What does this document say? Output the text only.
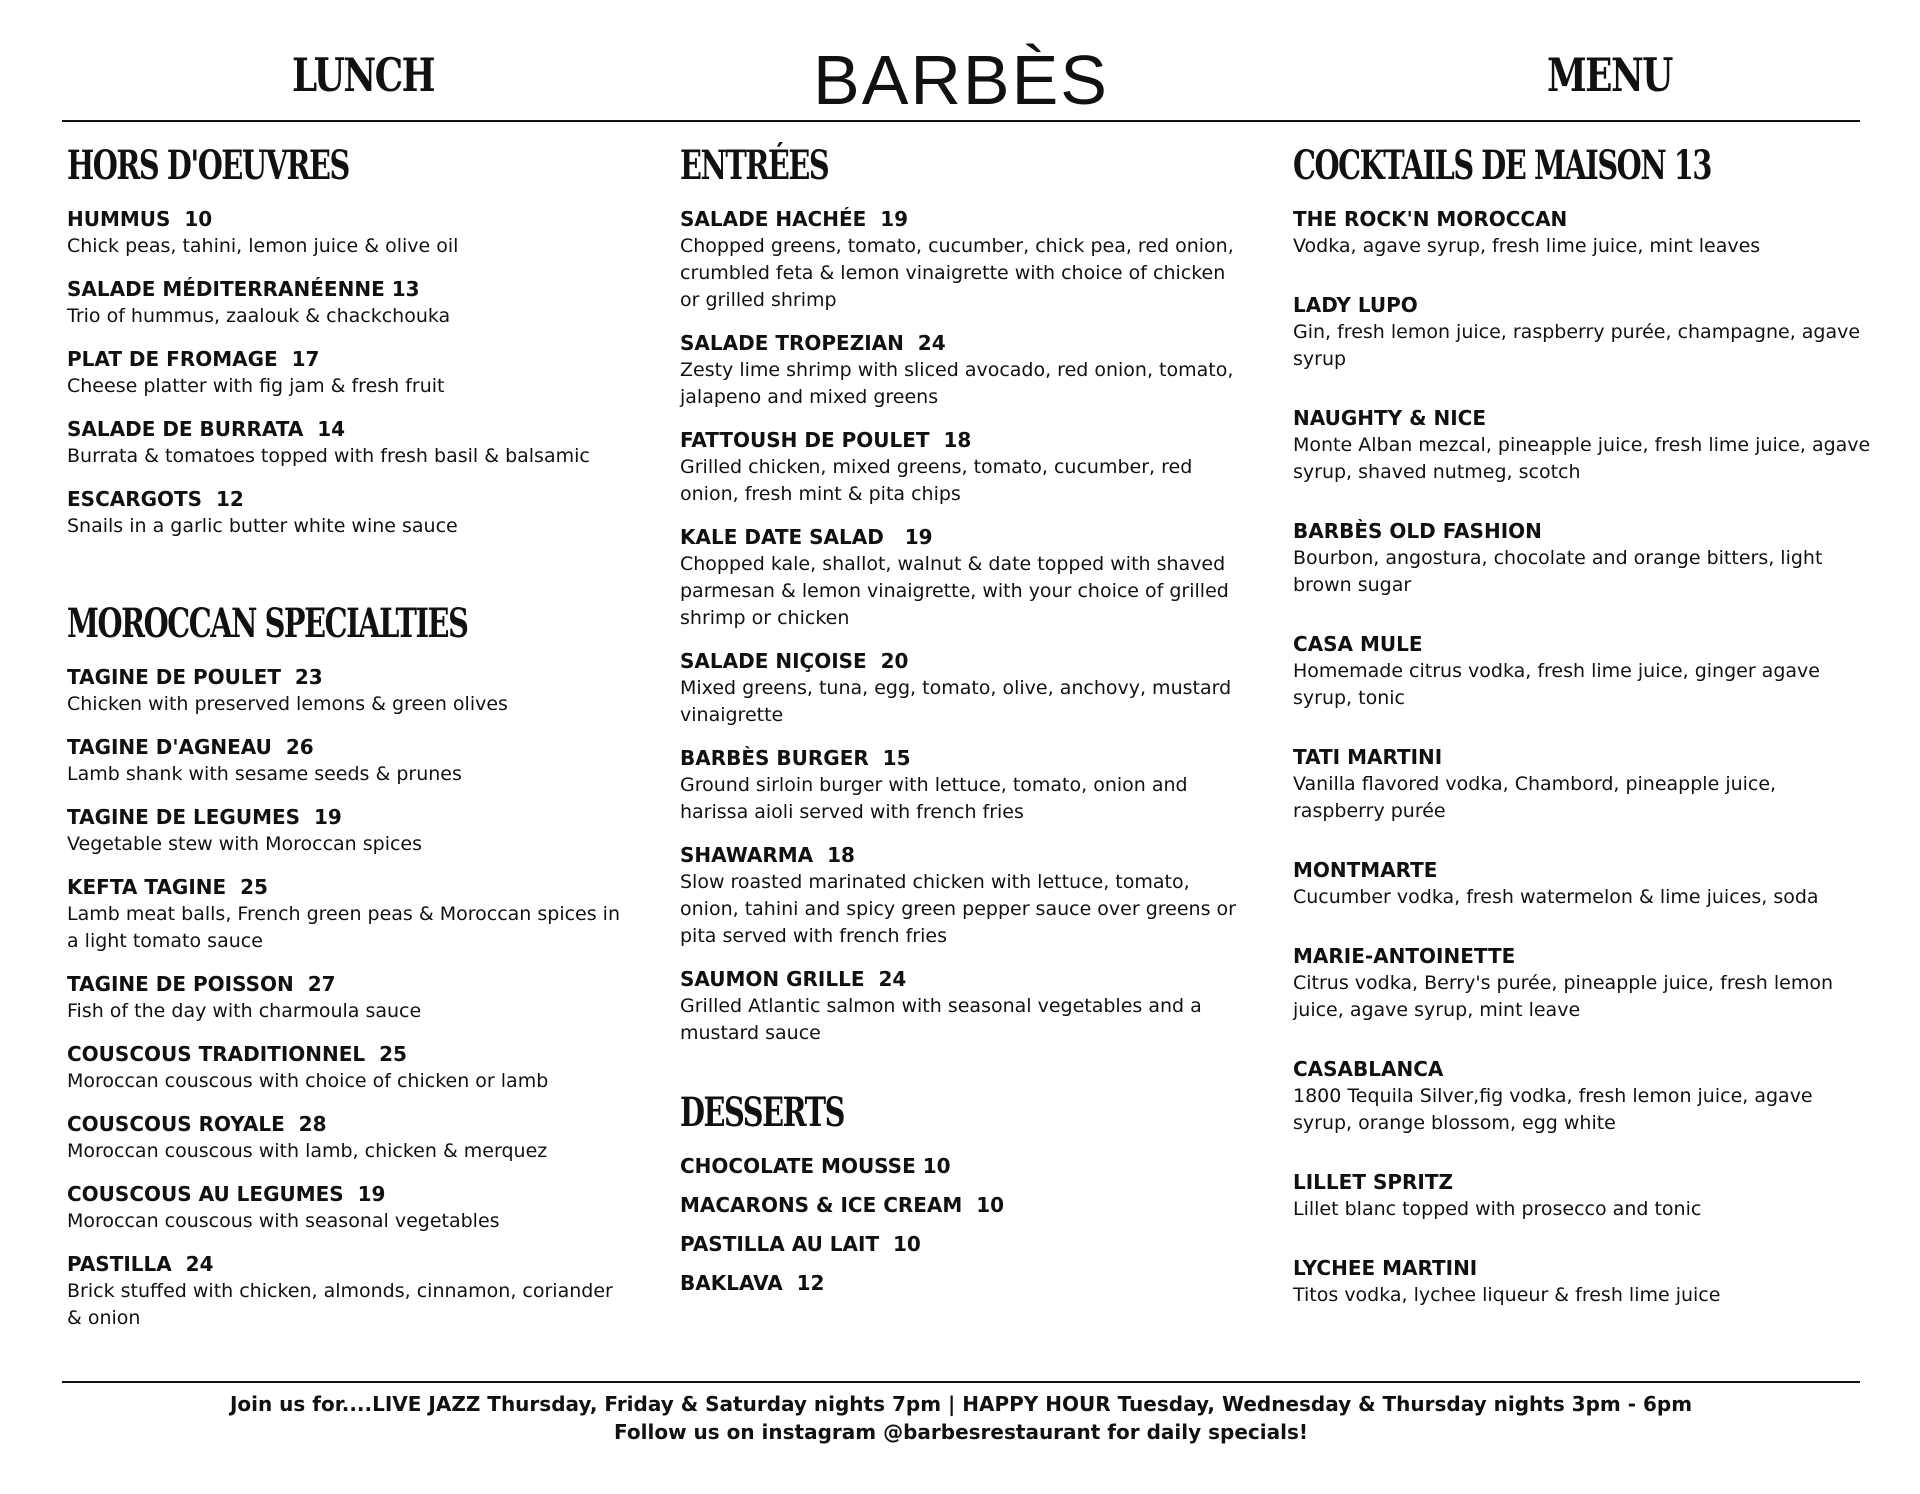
LUNCH	BARBÈS	MENU
HORS D'OEUVRES
HUMMUS  10
Chick peas, tahini, lemon juice & olive oil
SALADE MÉDITERRANÉENNE 13
Trio of hummus, zaalouk & chackchouka
PLAT DE FROMAGE  17
Cheese platter with fig jam & fresh fruit
SALADE DE BURRATA  14
Burrata & tomatoes topped with fresh basil & balsamic
ESCARGOTS  12
Snails in a garlic butter white wine sauce
MOROCCAN SPECIALTIES
TAGINE DE POULET  23
Chicken with preserved lemons & green olives
TAGINE D'AGNEAU  26
Lamb shank with sesame seeds & prunes
TAGINE DE LEGUMES  19
Vegetable stew with Moroccan spices
KEFTA TAGINE  25
Lamb meat balls, French green peas & Moroccan spices in a light tomato sauce
TAGINE DE POISSON  27
Fish of the day with charmoula sauce
COUSCOUS TRADITIONNEL  25
Moroccan couscous with choice of chicken or lamb
COUSCOUS ROYALE  28
Moroccan couscous with lamb, chicken & merquez
COUSCOUS AU LEGUMES  19
Moroccan couscous with seasonal vegetables
PASTILLA  24
Brick stuffed with chicken, almonds, cinnamon, coriander & onion
ENTRÉES
SALADE HACHÉE  19
Chopped greens, tomato, cucumber, chick pea, red onion, crumbled feta & lemon vinaigrette with choice of chicken or grilled shrimp
SALADE TROPEZIAN  24
Zesty lime shrimp with sliced avocado, red onion, tomato, jalapeno and mixed greens
FATTOUSH DE POULET  18
Grilled chicken, mixed greens, tomato, cucumber, red onion, fresh mint & pita chips
KALE DATE SALAD   19
Chopped kale, shallot, walnut & date topped with shaved parmesan & lemon vinaigrette, with your choice of grilled shrimp or chicken
SALADE NIÇOISE  20
Mixed greens, tuna, egg, tomato, olive, anchovy, mustard vinaigrette
BARBÈS BURGER  15
Ground sirloin burger with lettuce, tomato, onion and harissa aioli served with french fries
SHAWARMA  18
Slow roasted marinated chicken with lettuce, tomato, onion, tahini and spicy green pepper sauce over greens or pita served with french fries
SAUMON GRILLE  24
Grilled Atlantic salmon with seasonal vegetables and a mustard sauce
DESSERTS
CHOCOLATE MOUSSE 10
MACARONS & ICE CREAM  10
PASTILLA AU LAIT  10
BAKLAVA  12
COCKTAILS DE MAISON 13
THE ROCK'N MOROCCAN
Vodka, agave syrup, fresh lime juice, mint leaves
LADY LUPO
Gin, fresh lemon juice, raspberry purée, champagne, agave syrup
NAUGHTY & NICE
Monte Alban mezcal, pineapple juice, fresh lime juice, agave syrup, shaved nutmeg, scotch
BARBÈS OLD FASHION
Bourbon, angostura, chocolate and orange bitters, light brown sugar
CASA MULE
Homemade citrus vodka, fresh lime juice, ginger agave syrup, tonic
TATI MARTINI
Vanilla flavored vodka, Chambord, pineapple juice, raspberry purée
MONTMARTE
Cucumber vodka, fresh watermelon & lime juices, soda
MARIE-ANTOINETTE
Citrus vodka, Berry's purée, pineapple juice, fresh lemon juice, agave syrup, mint leave
CASABLANCA
1800 Tequila Silver,fig vodka, fresh lemon juice, agave syrup, orange blossom, egg white
LILLET SPRITZ
Lillet blanc topped with prosecco and tonic
LYCHEE MARTINI
Titos vodka, lychee liqueur & fresh lime juice
Join us for....LIVE JAZZ Thursday, Friday & Saturday nights 7pm | HAPPY HOUR Tuesday, Wednesday & Thursday nights 3pm - 6pm
Follow us on instagram @barbesrestaurant for daily specials!
